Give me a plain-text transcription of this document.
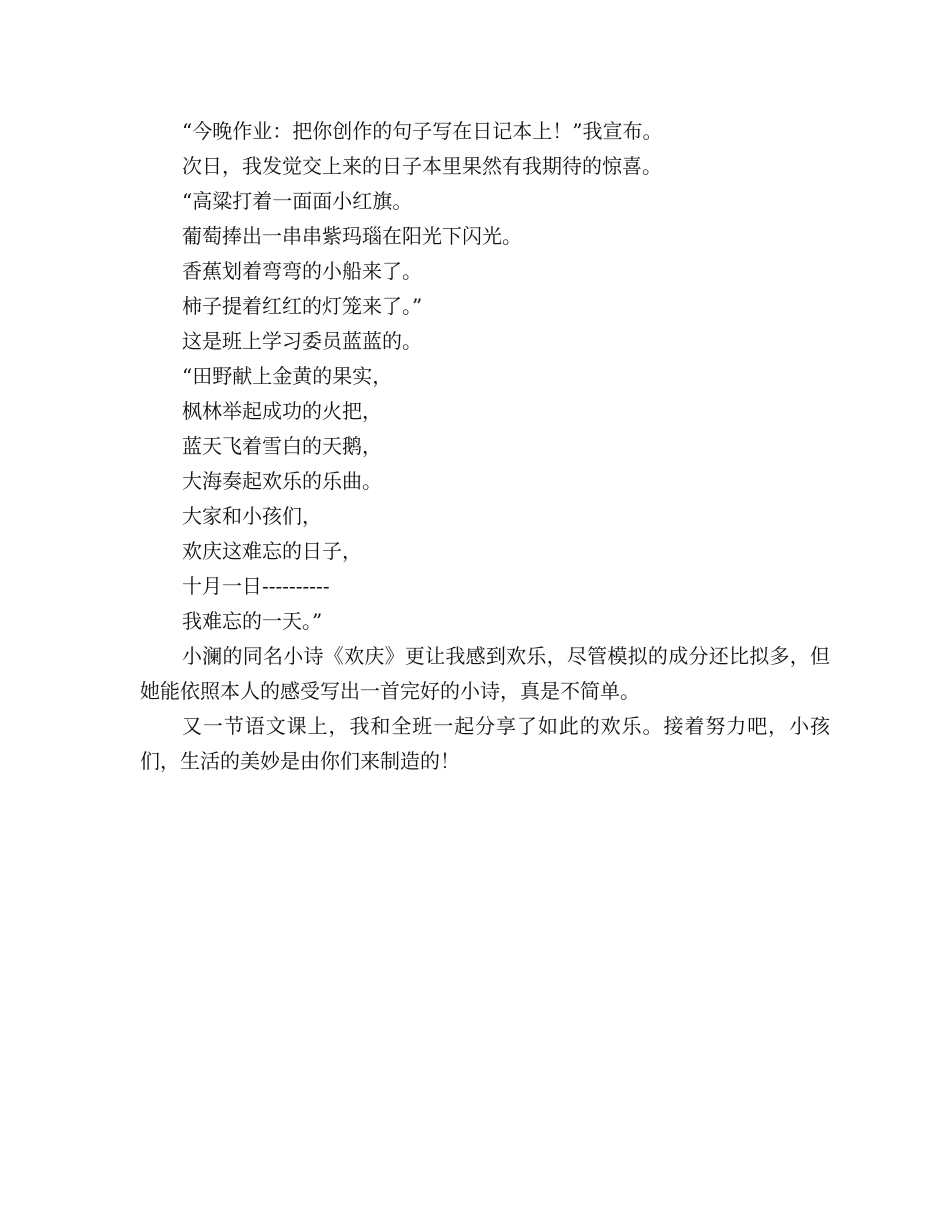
“今晚作业：把你创作的句子写在日记本上！”我宣布。
次日，我发觉交上来的日子本里果然有我期待的惊喜。
“高粱打着一面面小红旗。
葡萄捧出一串串紫玛瑙在阳光下闪光。
香蕉划着弯弯的小船来了。
柿子提着红红的灯笼来了。”
这是班上学习委员蓝蓝的。
“田野献上金黄的果实，
枫林举起成功的火把，
蓝天飞着雪白的天鹅，
大海奏起欢乐的乐曲。
大家和小孩们，
欢庆这难忘的日子，
十月一日----------
我难忘的一天。”

小澜的同名小诗《欢庆》更让我感到欢乐，尽管模拟的成分还比拟多，但她能依照本人的感受写出一首完好的小诗，真是不简单。

又一节语文课上，我和全班一起分享了如此的欢乐。接着努力吧，小孩们，生活的美妙是由你们来制造的！
